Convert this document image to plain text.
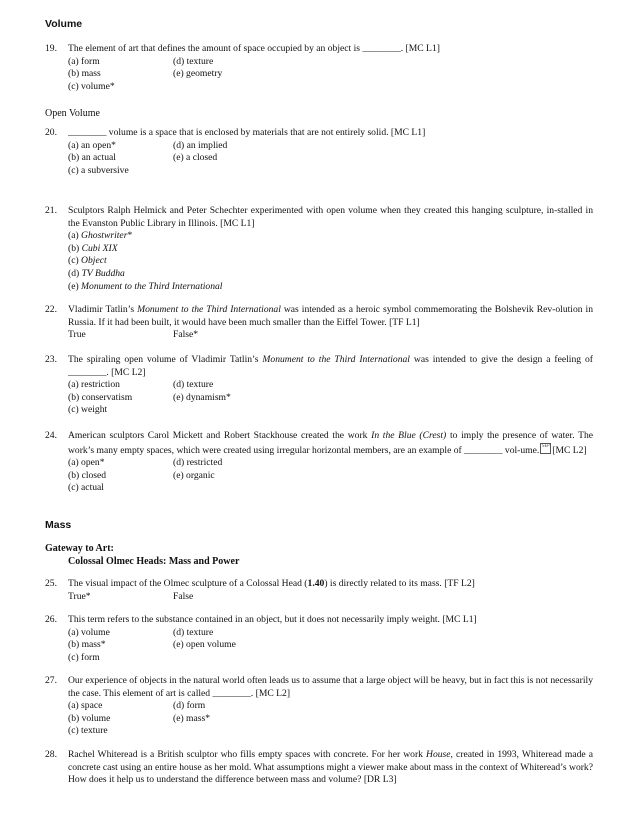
Volume
19.	The element of art that defines the amount of space occupied by an object is ________. [MC L1]
(a) form	(d) texture
(b) mass	(e) geometry
(c) volume*
Open Volume
20.	________ volume is a space that is enclosed by materials that are not entirely solid. [MC L1]
(a) an open*	(d) an implied
(b) an actual	(e) a closed
(c) a subversive
21.	Sculptors Ralph Helmick and Peter Schechter experimented with open volume when they created this hanging sculpture, in-stalled in the Evanston Public Library in Illinois. [MC L1]
(a) Ghostwriter*
(b) Cubi XIX
(c) Object
(d) TV Buddha
(e) Monument to the Third International
22.	Vladimir Tatlin’s Monument to the Third International was intended as a heroic symbol commemorating the Bolshevik Rev-olution in Russia. If it had been built, it would have been much smaller than the Eiffel Tower. [TF L1]
True	False*
23.	The spiraling open volume of Vladimir Tatlin’s Monument to the Third International was intended to give the design a feeling of ________. [MC L2]
(a) restriction	(d) texture
(b) conservatism	(e) dynamism*
(c) weight
24.	American sculptors Carol Mickett and Robert Stackhouse created the work In the Blue (Crest) to imply the presence of water. The work’s many empty spaces, which were created using irregular horizontal members, are an example of ________ vol-ume. SEP [MC L2]
(a) open*	(d) restricted
(b) closed	(e) organic
(c) actual
Mass
Gateway to Art:
Colossal Olmec Heads: Mass and Power
25.	The visual impact of the Olmec sculpture of a Colossal Head (1.40) is directly related to its mass. [TF L2]
True*	False
26.	This term refers to the substance contained in an object, but it does not necessarily imply weight. [MC L1]
(a) volume	(d) texture
(b) mass*	(e) open volume
(c) form
27.	Our experience of objects in the natural world often leads us to assume that a large object will be heavy, but in fact this is not necessarily the case. This element of art is called ________. [MC L2]
(a) space	(d) form
(b) volume	(e) mass*
(c) texture
28.	Rachel Whiteread is a British sculptor who fills empty spaces with concrete. For her work House, created in 1993, Whiteread made a concrete cast using an entire house as her mold. What assumptions might a viewer make about mass in the context of Whiteread’s work? How does it help us to understand the difference between mass and volume? [DR L3]
